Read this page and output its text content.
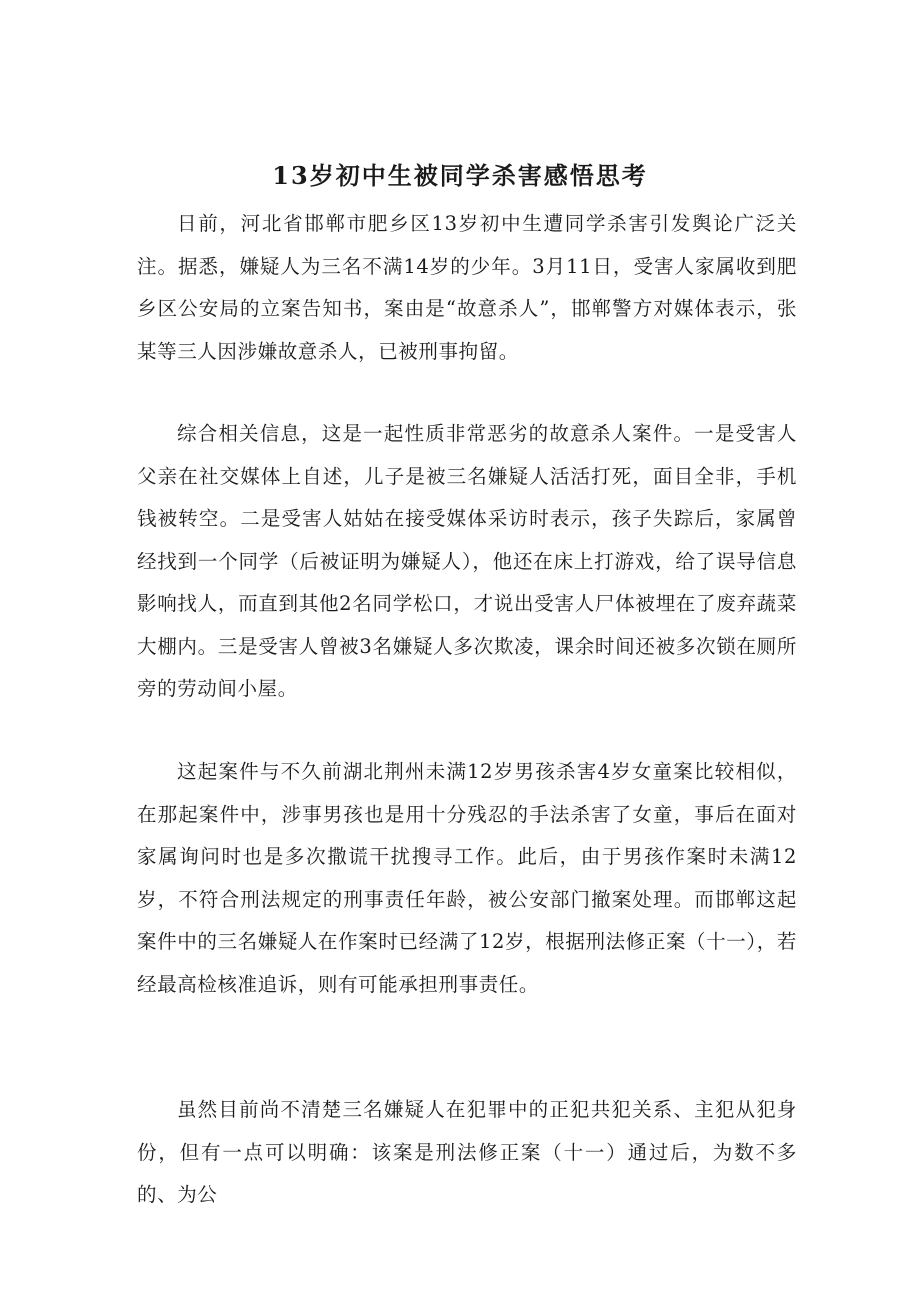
13岁初中生被同学杀害感悟思考

日前，河北省邯郸市肥乡区13岁初中生遭同学杀害引发舆论广泛关注。据悉，嫌疑人为三名不满14岁的少年。3月11日，受害人家属收到肥乡区公安局的立案告知书，案由是“故意杀人”，邯郸警方对媒体表示，张某等三人因涉嫌故意杀人，已被刑事拘留。

综合相关信息，这是一起性质非常恶劣的故意杀人案件。一是受害人父亲在社交媒体上自述，儿子是被三名嫌疑人活活打死，面目全非，手机钱被转空。二是受害人姑姑在接受媒体采访时表示，孩子失踪后，家属曾经找到一个同学（后被证明为嫌疑人），他还在床上打游戏，给了误导信息影响找人，而直到其他2名同学松口，才说出受害人尸体被埋在了废弃蔬菜大棚内。三是受害人曾被3名嫌疑人多次欺凌，课余时间还被多次锁在厕所旁的劳动间小屋。

这起案件与不久前湖北荆州未满12岁男孩杀害4岁女童案比较相似，在那起案件中，涉事男孩也是用十分残忍的手法杀害了女童，事后在面对家属询问时也是多次撒谎干扰搜寻工作。此后，由于男孩作案时未满12岁，不符合刑法规定的刑事责任年龄，被公安部门撤案处理。而邯郸这起案件中的三名嫌疑人在作案时已经满了12岁，根据刑法修正案（十一），若经最高检核准追诉，则有可能承担刑事责任。

虽然目前尚不清楚三名嫌疑人在犯罪中的正犯共犯关系、主犯从犯身份，但有一点可以明确：该案是刑法修正案（十一）通过后，为数不多的、为公
